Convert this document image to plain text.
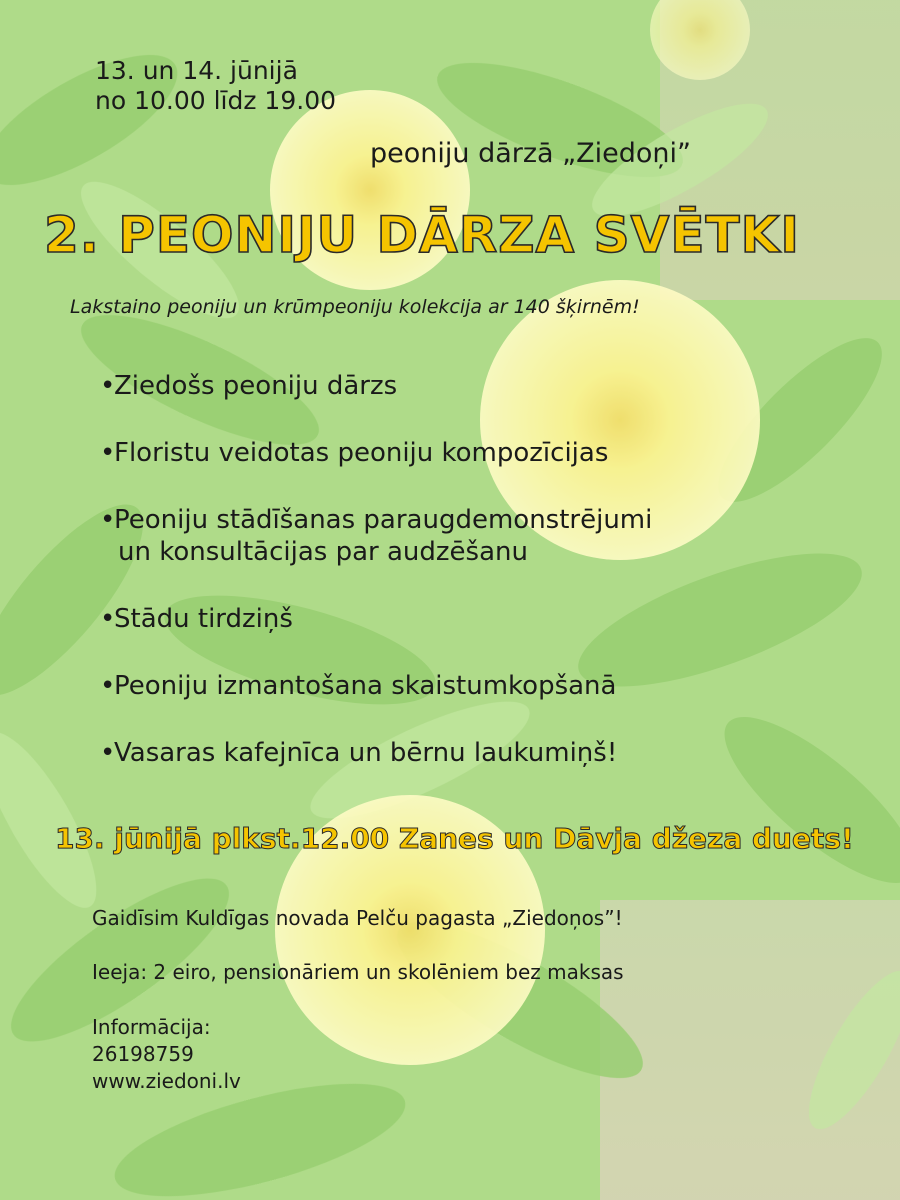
13. un 14. jūnijā
no 10.00 līdz 19.00
peoniju dārzā „Ziedoņi”
2. PEONIJU DĀRZA SVĒTKI
Lakstaino peoniju un krūmpeoniju kolekcija ar 140 šķirnēm!
•Ziedošs peoniju dārzs
•Floristu veidotas peoniju kompozīcijas
•Peoniju stādīšanas paraugdemonstrējumi
un konsultācijas par audzēšanu
•Stādu tirdziņš
•Peoniju izmantošana skaistumkopšanā
•Vasaras kafejnīca un bērnu laukumiņš!
13. jūnijā plkst.12.00 Zanes un Dāvja džeza duets!
Gaidīsim Kuldīgas novada Pelču pagasta „Ziedoņos”!
Ieeja: 2 eiro, pensionāriem un skolēniem bez maksas
Informācija:
26198759
www.ziedoni.lv
